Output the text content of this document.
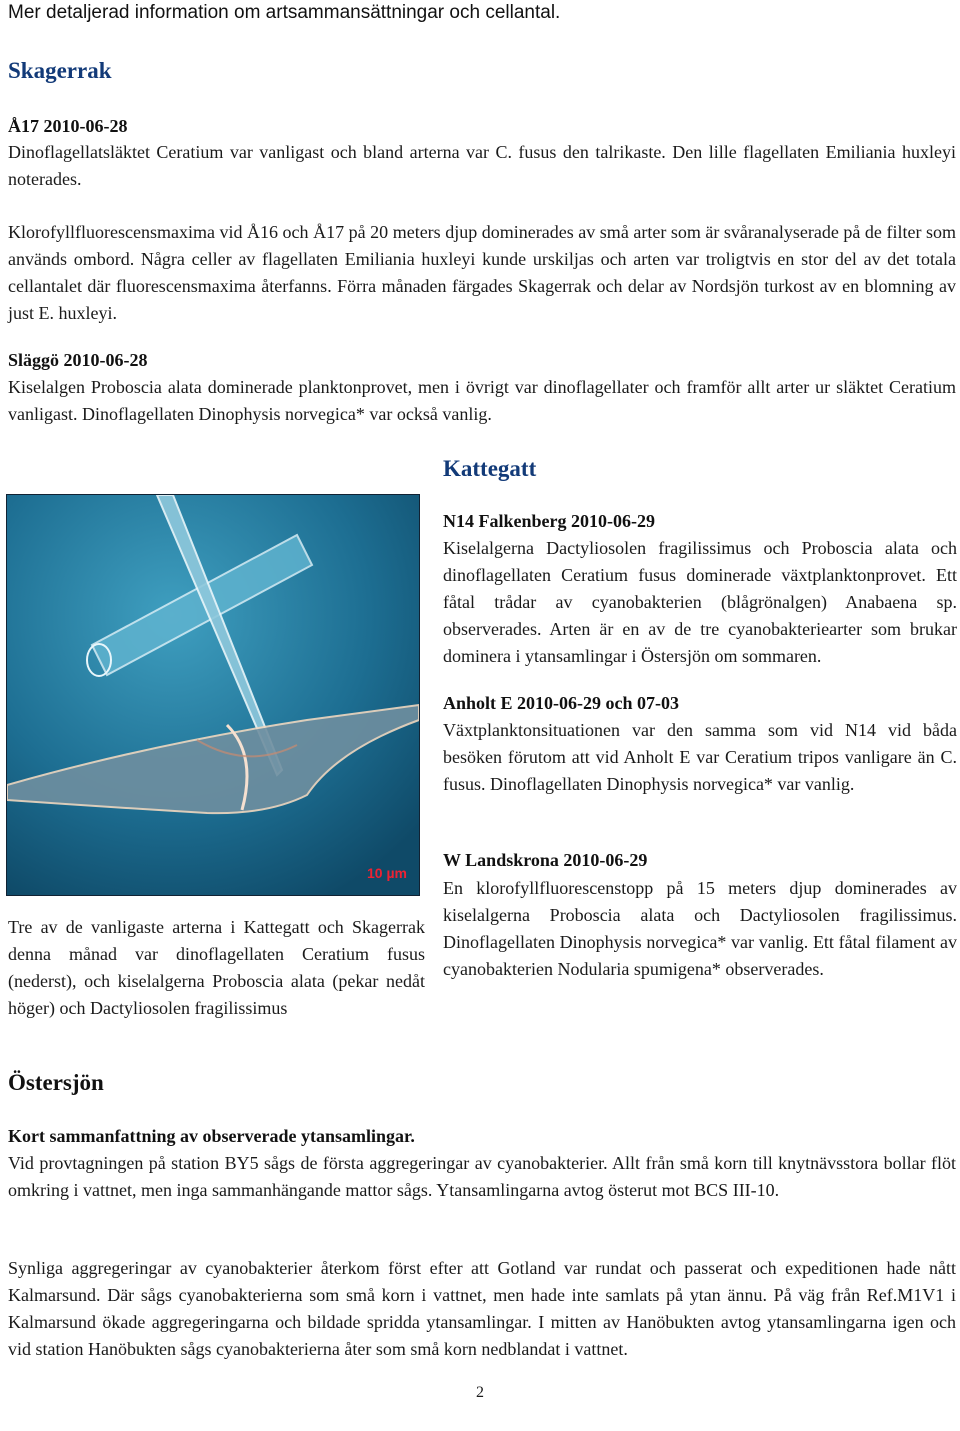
Mer detaljerad information om artsammansättningar och cellantal.
Skagerrak
Å17 2010-06-28

Dinoflagellatsläktet Ceratium var vanligast och bland arterna var C. fusus den talrikaste. Den lille flagellaten Emiliania huxleyi noterades.

Klorofyllfluorescensmaxima vid Å16 och Å17 på 20 meters djup dominerades av små arter som är svåranalyserade på de filter som används ombord. Några celler av flagellaten Emiliania huxleyi kunde urskiljas och arten var troligtvis en stor del av det totala cellantalet där fluorescensmaxima återfanns. Förra månaden färgades Skagerrak och delar av Nordsjön turkost av en blomning av just E. huxleyi.

Släggö 2010-06-28

Kiselalgen Proboscia alata dominerade planktonprovet, men i övrigt var dinoflagellater och framför allt arter ur släktet Ceratium vanligast. Dinoflagellaten Dinophysis norvegica* var också vanlig.

Kattegatt
10 µm

Tre av de vanligaste arterna i Kattegatt och Skagerrak denna månad var dinoflagellaten Ceratium fusus (nederst), och kiselalgerna Proboscia alata (pekar nedåt höger) och Dactyliosolen fragilissimus

N14 Falkenberg 2010-06-29

Kiselalgerna Dactyliosolen fragilissimus och Proboscia alata och dinoflagellaten Ceratium fusus dominerade växtplanktonprovet. Ett fåtal trådar av cyanobakterien (blågrönalgen) Anabaena sp. observerades. Arten är en av de tre cyanobakteriearter som brukar dominera i ytansamlingar i Östersjön om sommaren.

Anholt E 2010-06-29 och 07-03

Växtplanktonsituationen var den samma som vid N14 vid båda besöken förutom att vid Anholt E var Ceratium tripos vanligare än C. fusus. Dinoflagellaten Dinophysis norvegica* var vanlig.

W Landskrona 2010-06-29

En klorofyllfluorescenstopp på 15 meters djup dominerades av kiselalgerna Proboscia alata och Dactyliosolen fragilissimus. Dinoflagellaten Dinophysis norvegica* var vanlig. Ett fåtal filament av cyanobakterien Nodularia spumigena* observerades.

Östersjön
Kort sammanfattning av observerade ytansamlingar.

Vid provtagningen på station BY5 sågs de första aggregeringar av cyanobakterier. Allt från små korn till knytnävsstora bollar flöt omkring i vattnet, men inga sammanhängande mattor sågs. Ytansamlingarna avtog österut mot BCS III-10.

Synliga aggregeringar av cyanobakterier återkom först efter att Gotland var rundat och passerat och expeditionen hade nått Kalmarsund. Där sågs cyanobakterierna som små korn i vattnet, men hade inte samlats på ytan ännu. På väg från Ref.M1V1 i Kalmarsund ökade aggregeringarna och bildade spridda ytansamlingar. I mitten av Hanöbukten avtog ytansamlingarna igen och vid station Hanöbukten sågs cyanobakterierna åter som små korn nedblandat i vattnet.

2
